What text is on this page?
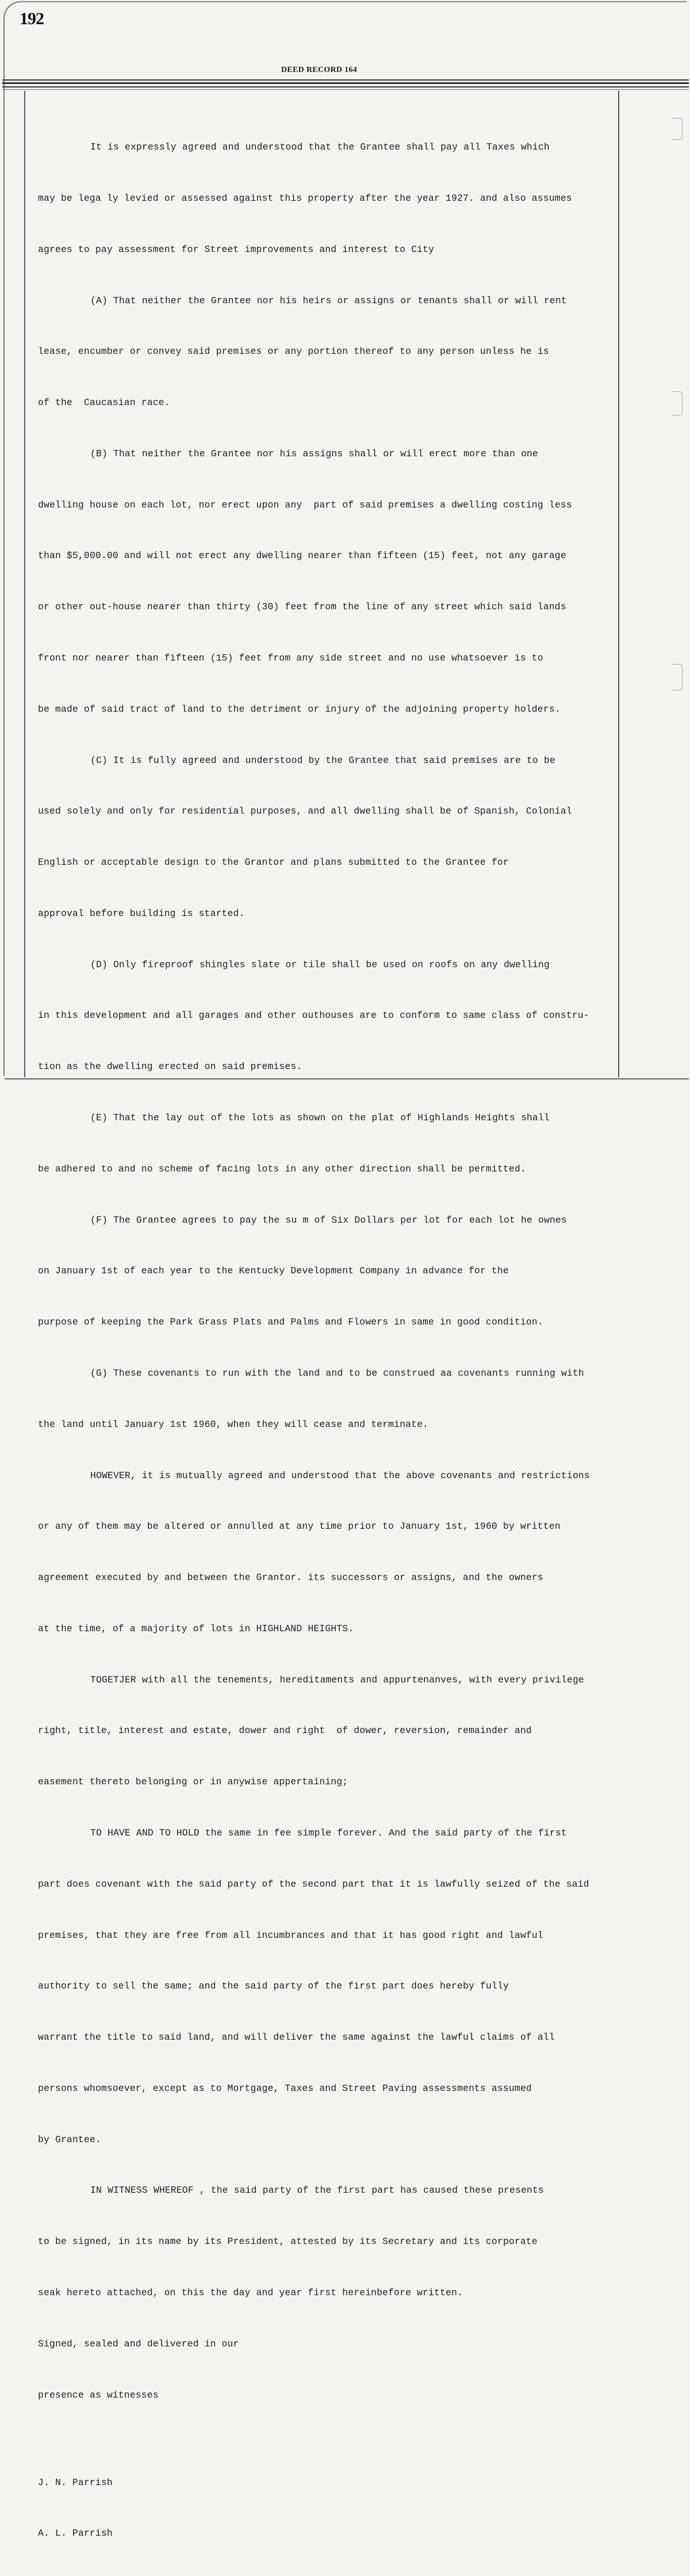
192
DEED RECORD 164

It is expressly agreed and understood that the Grantee shall pay all Taxes which

may be lega ly levied or assessed against this property after the year 1927. and also assumes

agrees to pay assessment for Street improvements and interest to City

(A) That neither the Grantee nor his heirs or assigns or tenants shall or will rent

lease, encumber or convey said premises or any portion thereof to any person unless he is

of the  Caucasian race.

(B) That neither the Grantee nor his assigns shall or will erect more than one

dwelling house on each lot, nor erect upon any  part of said premises a dwelling costing less

than $5,000.00 and will not erect any dwelling nearer than fifteen (15) feet, not any garage

or other out-house nearer than thirty (30) feet from the line of any street which said lands

front nor nearer than fifteen (15) feet from any side street and no use whatsoever is to

be made of said tract of land to the detriment or injury of the adjoining property holders.

(C) It is fully agreed and understood by the Grantee that said premises are to be

used solely and only for residential purposes, and all dwelling shall be of Spanish, Colonial

English or acceptable design to the Grantor and plans submitted to the Grantee for

approval before building is started.

(D) Only fireproof shingles slate or tile shall be used on roofs on any dwelling

in this development and all garages and other outhouses are to conform to same class of constru-

tion as the dwelling erected on said premises.

(E) That the lay out of the lots as shown on the plat of Highlands Heights shall

be adhered to and no scheme of facing lots in any other direction shall be permitted.

(F) The Grantee agrees to pay the su m of Six Dollars per lot for each lot he ownes

on January 1st of each year to the Kentucky Development Company in advance for the

purpose of keeping the Park Grass Plats and Palms and Flowers in same in good condition.

(G) These covenants to run with the land and to be construed aa covenants running with

the land until January 1st 1960, when they will cease and terminate.

HOWEVER, it is mutually agreed and understood that the above covenants and restrictions

or any of them may be altered or annulled at any time prior to January 1st, 1960 by written

agreement executed by and between the Grantor. its successors or assigns, and the owners

at the time, of a majority of lots in HIGHLAND HEIGHTS.

TOGETJER with all the tenements, hereditaments and appurtenanves, with every privilege

right, title, interest and estate, dower and right  of dower, reversion, remainder and

easement thereto belonging or in anywise appertaining;

TO HAVE AND TO HOLD the same in fee simple forever. And the said party of the first

part does covenant with the said party of the second part that it is lawfully seized of the said

premises, that they are free from all incumbrances and that it has good right and lawful

authority to sell the same; and the said party of the first part does hereby fully

warrant the title to said land, and will deliver the same against the lawful claims of all

persons whomsoever, except as to Mortgage, Taxes and Street Paving assessments assumed

by Grantee.

IN WITNESS WHEREOF , the said party of the first part has caused these presents

to be signed, in its name by its President, attested by its Secretary and its corporate

seak hereto attached, on this the day and year first hereinbefore written.

Signed, sealed and delivered in our

presence as witnesses

J. N. Parrish

A. L. Parrish
